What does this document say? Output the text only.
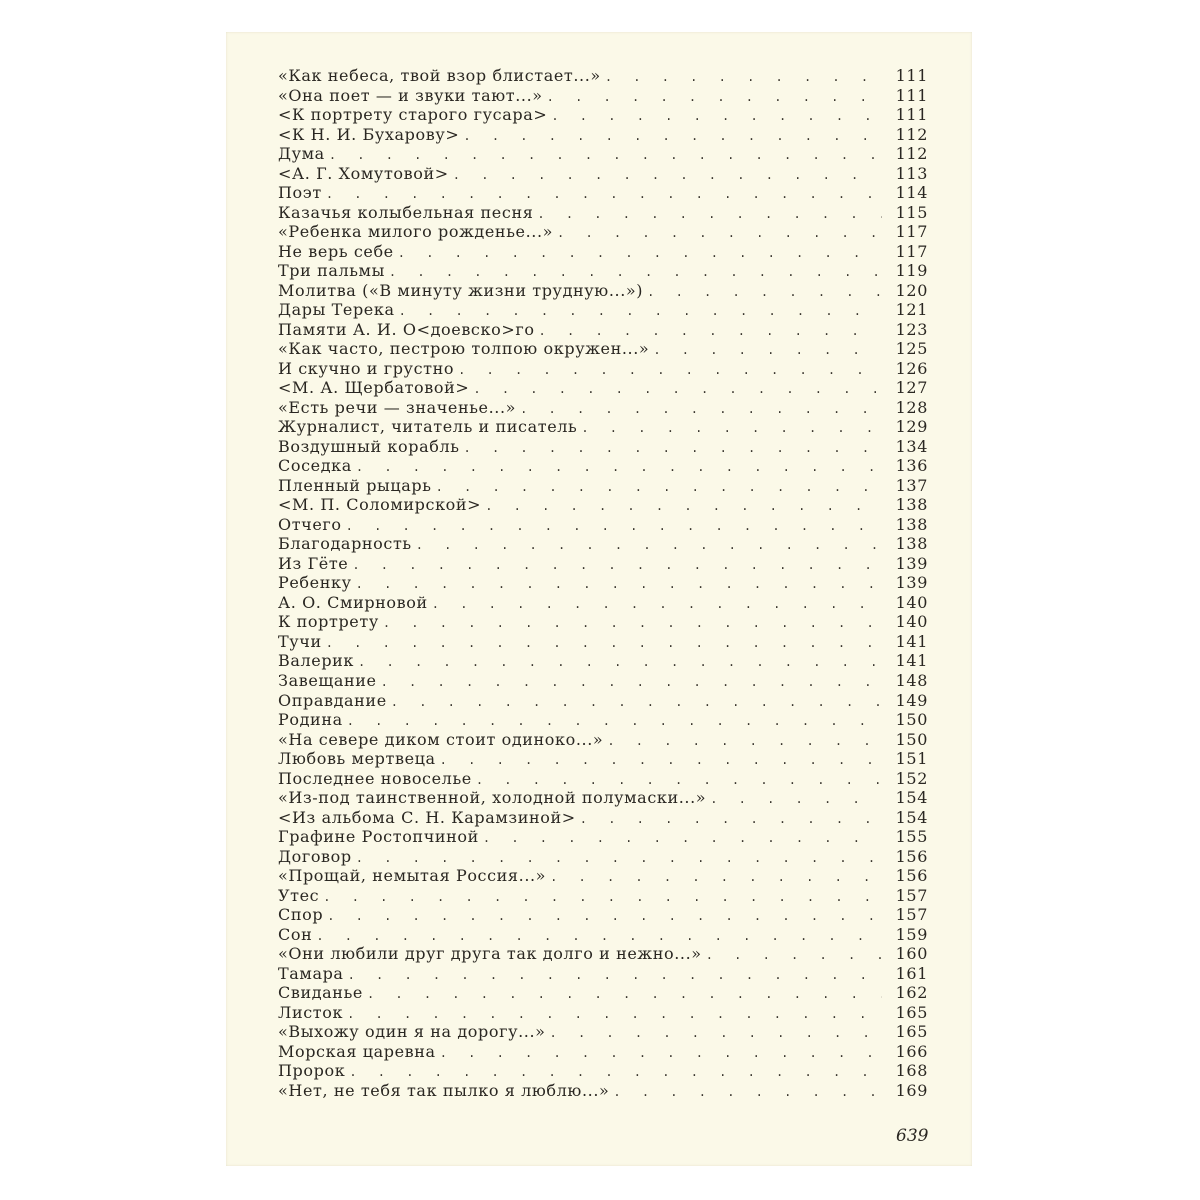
«Как небеса, твой взор блистает...» . . .	111
«Она поет — и звуки тают...» . . .	111
<К портрету старого гусара> . . .	111
<К Н. И. Бухарову> . . .	112
Дума . . .	112
<А. Г. Хомутовой> . . .	113
Поэт . . .	114
Казачья колыбельная песня . . .	115
«Ребенка милого рожденье...» . . .	117
Не верь себе . . .	117
Три пальмы . . .	119
Молитва («В минуту жизни трудную...») . . .	120
Дары Терека . . .	121
Памяти А. И. О<доевско>го . . .	123
«Как часто, пестрою толпою окружен...» . . .	125
И скучно и грустно . . .	126
<М. А. Щербатовой> . . .	127
«Есть речи — значенье...» . . .	128
Журналист, читатель и писатель . . .	129
Воздушный корабль . . .	134
Соседка . . .	136
Пленный рыцарь . . .	137
<М. П. Соломирской> . . .	138
Отчего . . .	138
Благодарность . . .	138
Из Гёте . . .	139
Ребенку . . .	139
А. О. Смирновой . . .	140
К портрету . . .	140
Тучи . . .	141
Валерик . . .	141
Завещание . . .	148
Оправдание . . .	149
Родина . . .	150
«На севере диком стоит одиноко...» . . .	150
Любовь мертвеца . . .	151
Последнее новоселье . . .	152
«Из-под таинственной, холодной полумаски...» . . .	154
<Из альбома С. Н. Карамзиной> . . .	154
Графине Ростопчиной . . .	155
Договор . . .	156
«Прощай, немытая Россия...» . . .	156
Утес . . .	157
Спор . . .	157
Сон . . .	159
«Они любили друг друга так долго и нежно...» . . .	160
Тамара . . .	161
Свиданье . . .	162
Листок . . .	165
«Выхожу один я на дорогу...» . . .	165
Морская царевна . . .	166
Пророк . . .	168
«Нет, не тебя так пылко я люблю...» . . .	169
639
